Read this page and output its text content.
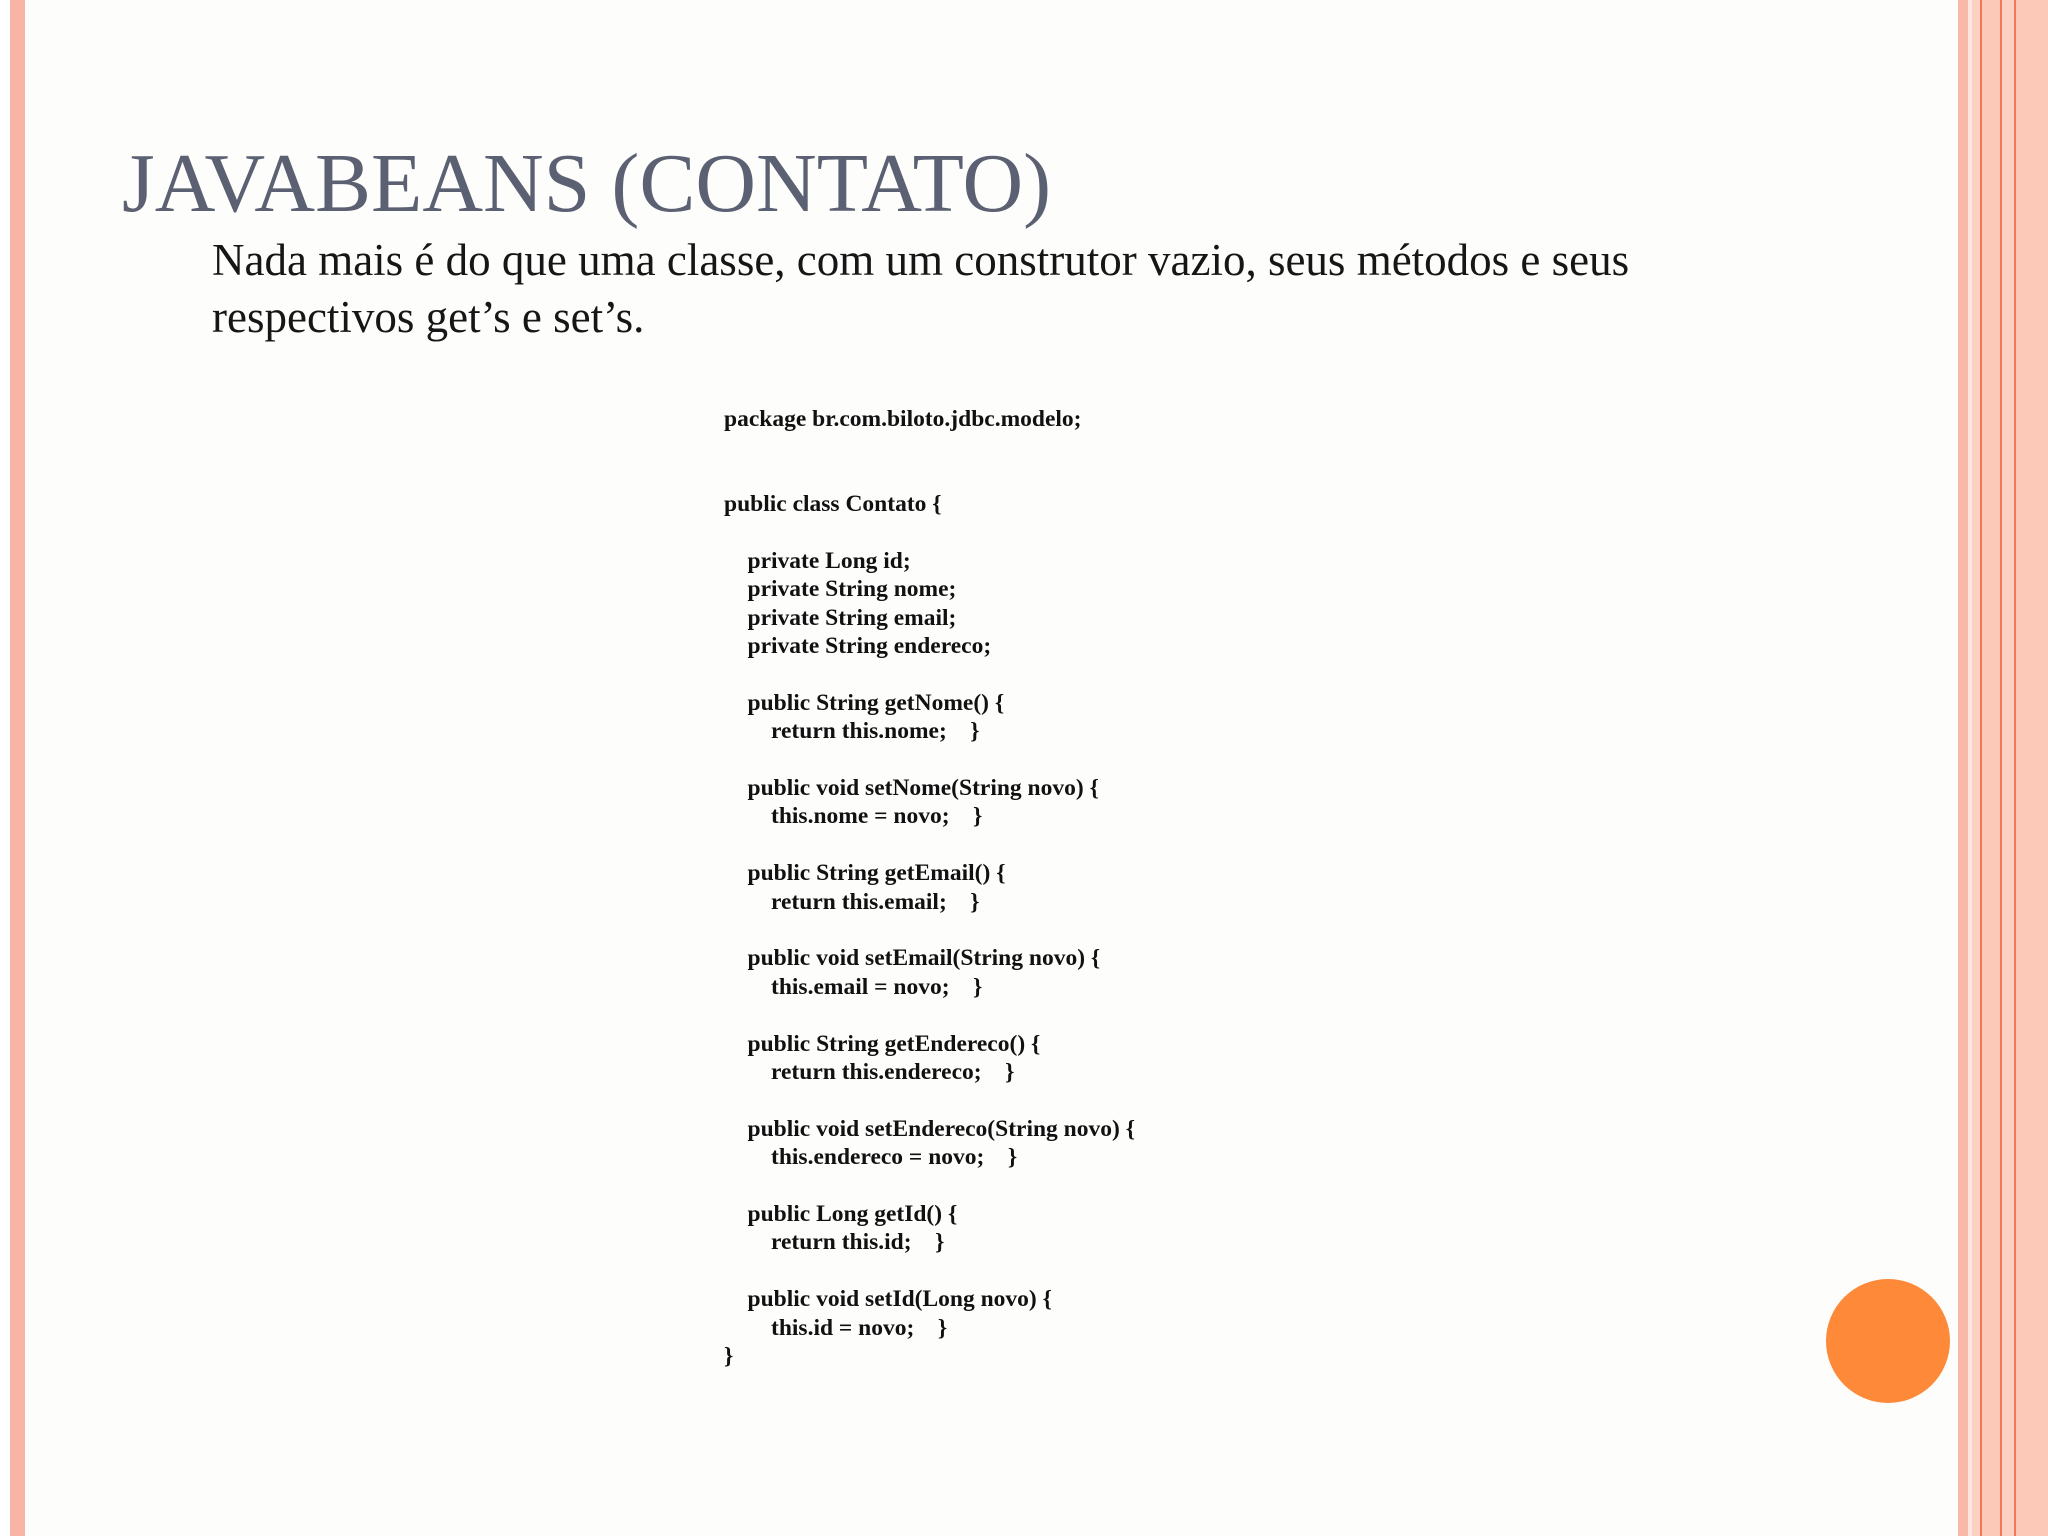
JAVABEANS (CONTATO)

Nada mais é do que uma classe, com um construtor vazio, seus métodos e seus respectivos get’s e set’s.

package br.com.biloto.jdbc.modelo;
public class Contato {
private Long id;
private String nome;
private String email;
private String endereco;
public String getNome() {
return this.nome;    }
public void setNome(String novo) {
this.nome = novo;    }
public String getEmail() {
return this.email;    }
public void setEmail(String novo) {
this.email = novo;    }
public String getEndereco() {
return this.endereco;    }
public void setEndereco(String novo) {
this.endereco = novo;    }
public Long getId() {
return this.id;    }
public void setId(Long novo) {
this.id = novo;    }
}
